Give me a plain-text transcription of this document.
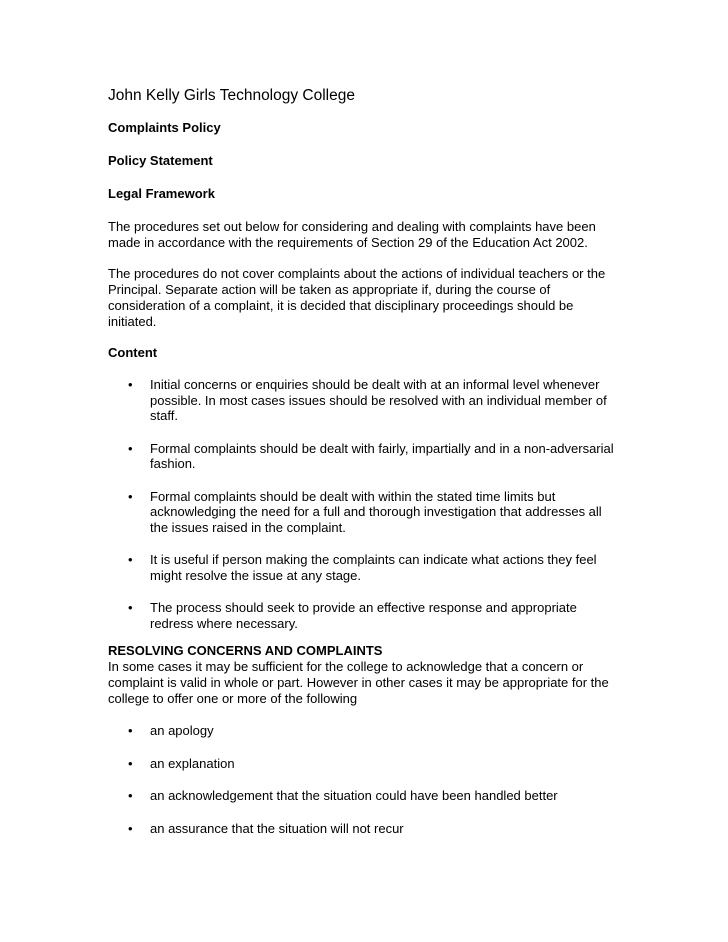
John Kelly Girls Technology College
Complaints Policy
Policy Statement
Legal Framework
The procedures set out below for considering and dealing with complaints have been made in accordance with the requirements of Section 29 of the Education Act 2002.
The procedures do not cover complaints about the actions of individual teachers or the Principal. Separate action will be taken as appropriate if, during the course of consideration of a complaint, it is decided that disciplinary proceedings should be initiated.
Content
• Initial concerns or enquiries should be dealt with at an informal level whenever possible. In most cases issues should be resolved with an individual member of staff.
• Formal complaints should be dealt with fairly, impartially and in a non-adversarial fashion.
• Formal complaints should be dealt with within the stated time limits but acknowledging the need for a full and thorough investigation that addresses all the issues raised in the complaint.
• It is useful if person making the complaints can indicate what actions they feel might resolve the issue at any stage.
• The process should seek to provide an effective response and appropriate redress where necessary.
RESOLVING CONCERNS AND COMPLAINTS
In some cases it may be sufficient for the college to acknowledge that a concern or complaint is valid in whole or part. However in other cases it may be appropriate for the college to offer one or more of the following
• an apology
• an explanation
• an acknowledgement that the situation could have been handled better
• an assurance that the situation will not recur
